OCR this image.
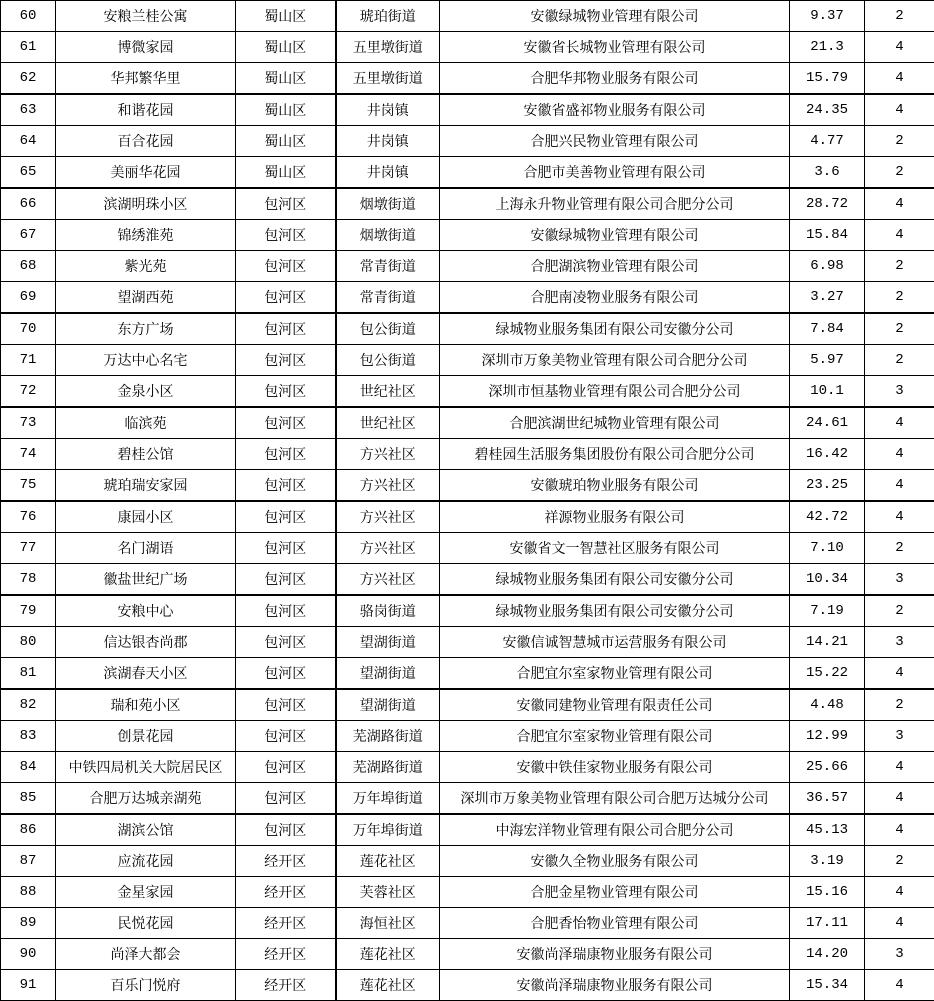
60	安粮兰桂公寓	蜀山区	琥珀街道	安徽绿城物业管理有限公司	9.37	2
61	博微家园	蜀山区	五里墩街道	安徽省长城物业管理有限公司	21.3	4
62	华邦繁华里	蜀山区	五里墩街道	合肥华邦物业服务有限公司	15.79	4
63	和谐花园	蜀山区	井岗镇	安徽省盛祁物业服务有限公司	24.35	4
64	百合花园	蜀山区	井岗镇	合肥兴民物业管理有限公司	4.77	2
65	美丽华花园	蜀山区	井岗镇	合肥市美善物业管理有限公司	3.6	2
66	滨湖明珠小区	包河区	烟墩街道	上海永升物业管理有限公司合肥分公司	28.72	4
67	锦绣淮苑	包河区	烟墩街道	安徽绿城物业管理有限公司	15.84	4
68	紫光苑	包河区	常青街道	合肥湖滨物业管理有限公司	6.98	2
69	望湖西苑	包河区	常青街道	合肥南凌物业服务有限公司	3.27	2
70	东方广场	包河区	包公街道	绿城物业服务集团有限公司安徽分公司	7.84	2
71	万达中心名宅	包河区	包公街道	深圳市万象美物业管理有限公司合肥分公司	5.97	2
72	金泉小区	包河区	世纪社区	深圳市恒基物业管理有限公司合肥分公司	10.1	3
73	临滨苑	包河区	世纪社区	合肥滨湖世纪城物业管理有限公司	24.61	4
74	碧桂公馆	包河区	方兴社区	碧桂园生活服务集团股份有限公司合肥分公司	16.42	4
75	琥珀瑞安家园	包河区	方兴社区	安徽琥珀物业服务有限公司	23.25	4
76	康园小区	包河区	方兴社区	祥源物业服务有限公司	42.72	4
77	名门湖语	包河区	方兴社区	安徽省文一智慧社区服务有限公司	7.10	2
78	徽盐世纪广场	包河区	方兴社区	绿城物业服务集团有限公司安徽分公司	10.34	3
79	安粮中心	包河区	骆岗街道	绿城物业服务集团有限公司安徽分公司	7.19	2
80	信达银杏尚郡	包河区	望湖街道	安徽信诚智慧城市运营服务有限公司	14.21	3
81	滨湖春天小区	包河区	望湖街道	合肥宜尔室家物业管理有限公司	15.22	4
82	瑞和苑小区	包河区	望湖街道	安徽同建物业管理有限责任公司	4.48	2
83	创景花园	包河区	芜湖路街道	合肥宜尔室家物业管理有限公司	12.99	3
84	中铁四局机关大院居民区	包河区	芜湖路街道	安徽中铁佳家物业服务有限公司	25.66	4
85	合肥万达城亲湖苑	包河区	万年埠街道	深圳市万象美物业管理有限公司合肥万达城分公司	36.57	4
86	湖滨公馆	包河区	万年埠街道	中海宏洋物业管理有限公司合肥分公司	45.13	4
87	应流花园	经开区	莲花社区	安徽久全物业服务有限公司	3.19	2
88	金星家园	经开区	芙蓉社区	合肥金星物业管理有限公司	15.16	4
89	民悦花园	经开区	海恒社区	合肥香怡物业管理有限公司	17.11	4
90	尚泽大都会	经开区	莲花社区	安徽尚泽瑞康物业服务有限公司	14.20	3
91	百乐门悦府	经开区	莲花社区	安徽尚泽瑞康物业服务有限公司	15.34	4
